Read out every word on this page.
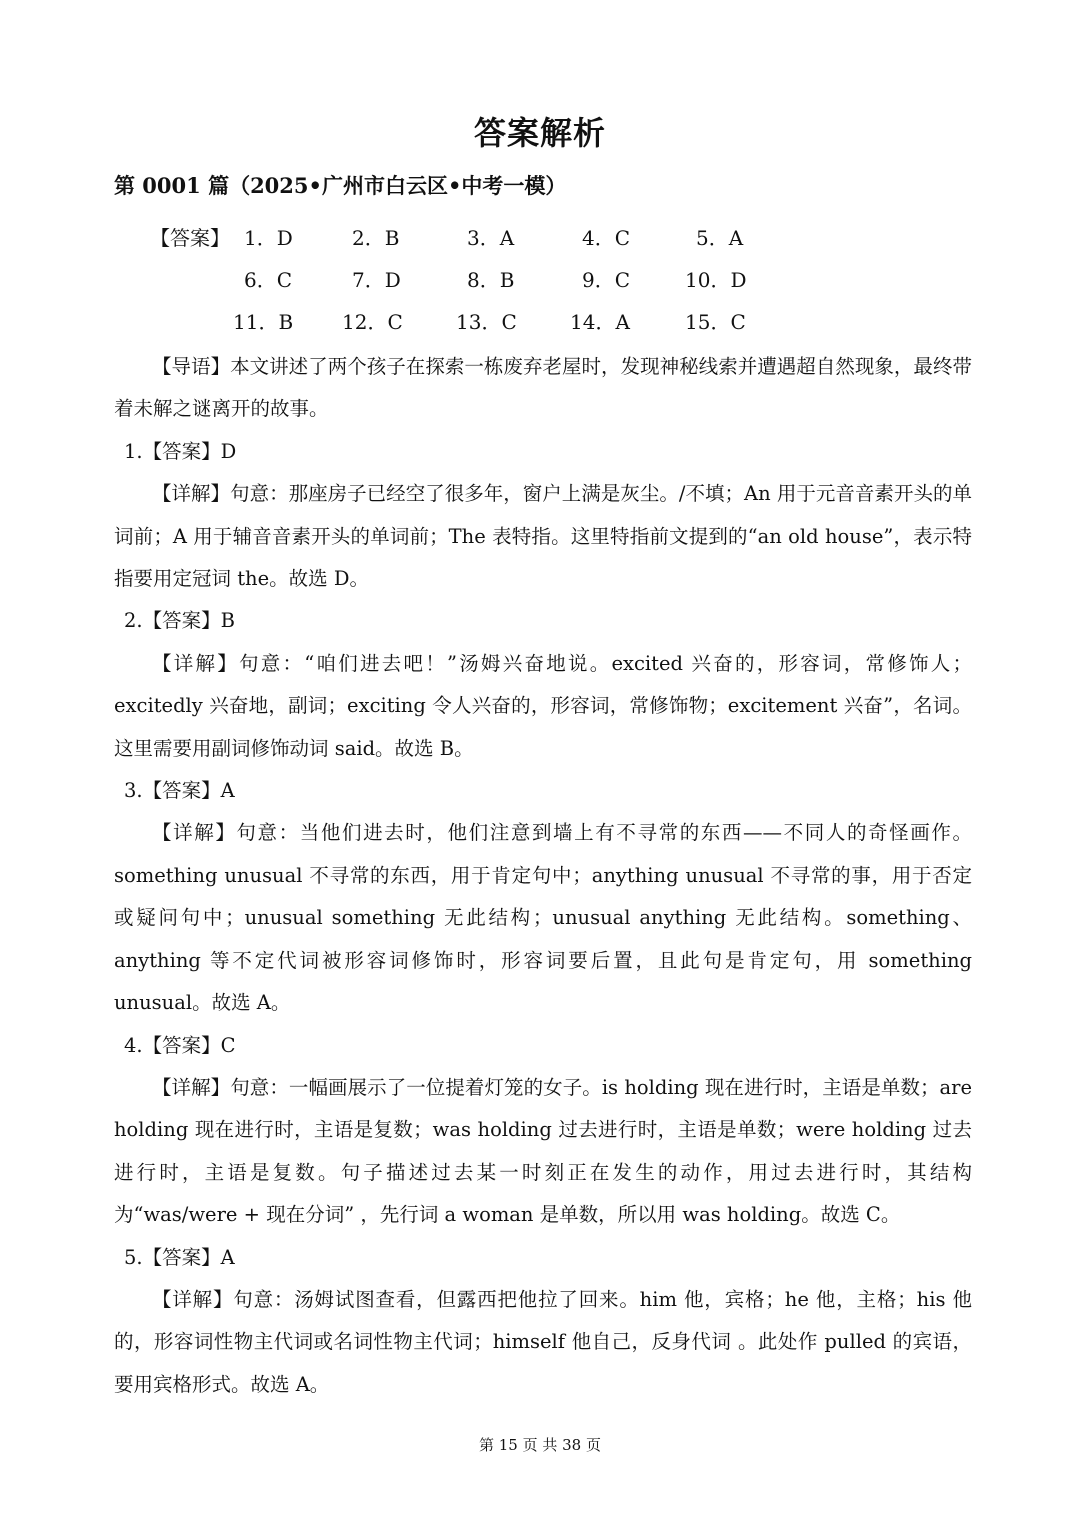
答案解析
第 0001 篇（2025•广州市白云区•中考一模）
【答案】 1．D	2．B	3．A	4．C	5．A
6．C	7．D	8．B	9．C	10．D
11．B 12．C	13．C	14．A	15．C

【导语】本文讲述了两个孩子在探索一栋废弃老屋时，发现神秘线索并遭遇超自然现象，最终带着未解之谜离开的故事。

1.【答案】D

【详解】句意：那座房子已经空了很多年，窗户上满是灰尘。/不填；An 用于元音音素开头的单词前；A 用于辅音音素开头的单词前；The 表特指。这里特指前文提到的“an old house”，表示特指要用定冠词 the。故选 D。

2.【答案】B

【详解】句意：“咱们进去吧！”汤姆兴奋地说。excited 兴奋的，形容词，常修饰人；excitedly 兴奋地，副词；exciting 令人兴奋的，形容词，常修饰物；excitement 兴奋”，名词。这里需要用副词修饰动词 said。故选 B。

3.【答案】A

【详解】句意：当他们进去时，他们注意到墙上有不寻常的东西——不同人的奇怪画作。something unusual 不寻常的东西，用于肯定句中；anything unusual 不寻常的事，用于否定或疑问句中；unusual something 无此结构；unusual anything 无此结构。something、anything 等不定代词被形容词修饰时，形容词要后置，且此句是肯定句，用 something unusual。故选 A。

4.【答案】C

【详解】句意：一幅画展示了一位提着灯笼的女子。is holding 现在进行时，主语是单数；are holding 现在进行时，主语是复数；was holding 过去进行时，主语是单数；were holding 过去进行时，主语是复数。句子描述过去某一时刻正在发生的动作，用过去进行时，其结构为“was/were + 现在分词” ，先行词 a woman 是单数，所以用 was holding。故选 C。

5.【答案】A

【详解】句意：汤姆试图查看，但露西把他拉了回来。him 他，宾格；he 他，主格；his 他的，形容词性物主代词或名词性物主代词；himself 他自己，反身代词 。此处作 pulled 的宾语，要用宾格形式。故选 A。

第 15 页 共 38 页
